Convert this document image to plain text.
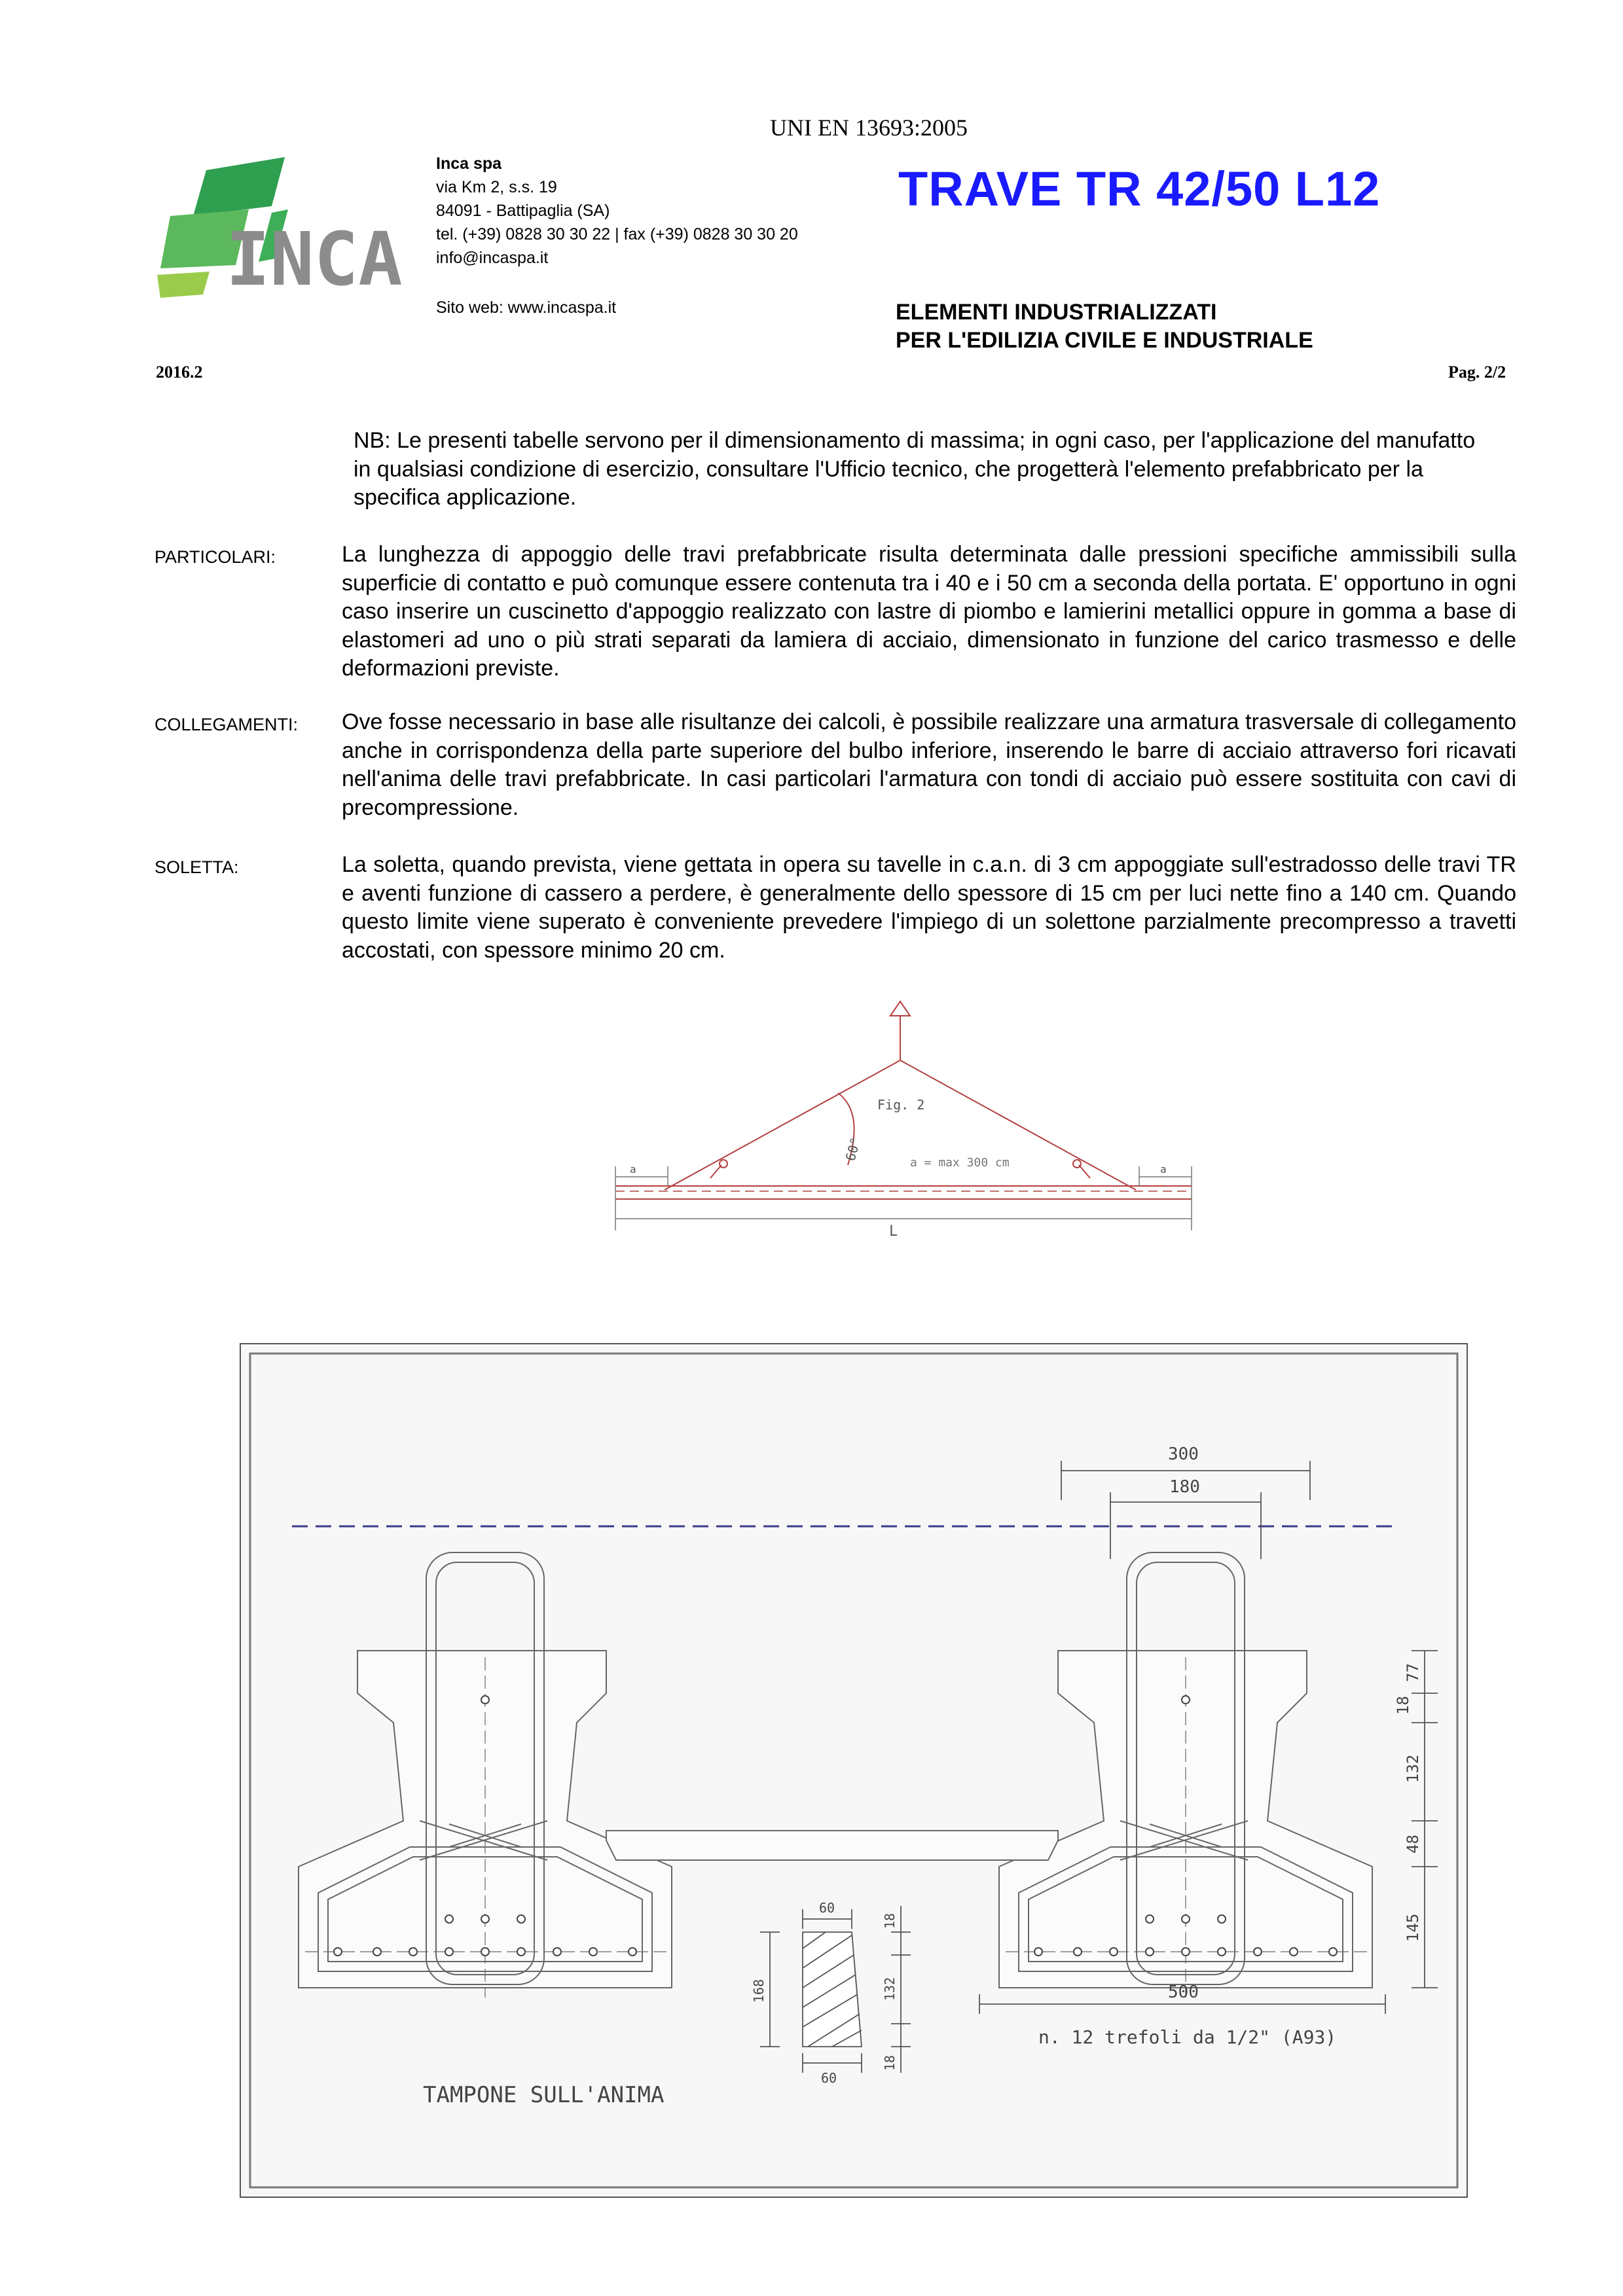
INCA
UNI EN 13693:2005
Inca spa
via Km 2, s.s. 19
84091 - Battipaglia (SA)
tel. (+39) 0828 30 30 22 | fax (+39) 0828 30 30 20
info@incaspa.it
Sito web: www.incaspa.it
TRAVE TR 42/50 L12
ELEMENTI INDUSTRIALIZZATI
PER L'EDILIZIA CIVILE E INDUSTRIALE
2016.2	Pag. 2/2
NB: Le presenti tabelle servono per il dimensionamento di massima; in ogni caso, per l'applicazione del manufatto in qualsiasi condizione di esercizio, consultare l'Ufficio tecnico, che progetterà l'elemento prefabbricato per la specifica applicazione.
PARTICOLARI:	La lunghezza di appoggio delle travi prefabbricate risulta determinata dalle pressioni specifiche ammissibili sulla superficie di contatto e può comunque essere contenuta tra i 40 e i 50 cm a seconda della portata. E' opportuno in ogni caso inserire un cuscinetto d'appoggio realizzato con lastre di piombo e lamierini metallici oppure in gomma a base di elastomeri ad uno o più strati separati da lamiera di acciaio, dimensionato in funzione del carico trasmesso e delle deformazioni previste.
COLLEGAMENTI: Ove fosse necessario in base alle risultanze dei calcoli, è possibile realizzare una armatura trasversale di collegamento anche in corrispondenza della parte superiore del bulbo inferiore, inserendo le barre di acciaio attraverso fori ricavati nell'anima delle travi prefabbricate. In casi particolari l'armatura con tondi di acciaio può essere sostituita con cavi di precompressione.
SOLETTA:	La soletta, quando prevista, viene gettata in opera su tavelle in c.a.n. di 3 cm appoggiate sull'estradosso delle travi TR e aventi funzione di cassero a perdere, è generalmente dello spessore di 15 cm per luci nette fino a 140 cm. Quando questo limite viene superato è conveniente prevedere l'impiego di un solettone parzialmente precompresso a travetti accostati, con spessore minimo 20 cm.
Fig. 2
60°
a = max 300 cm
a	a
L
300
180
77
18
132
48
145
500
n. 12 trefoli da 1/2" (A93)
60
18
168	132
60
18
TAMPONE SULL'ANIMA
